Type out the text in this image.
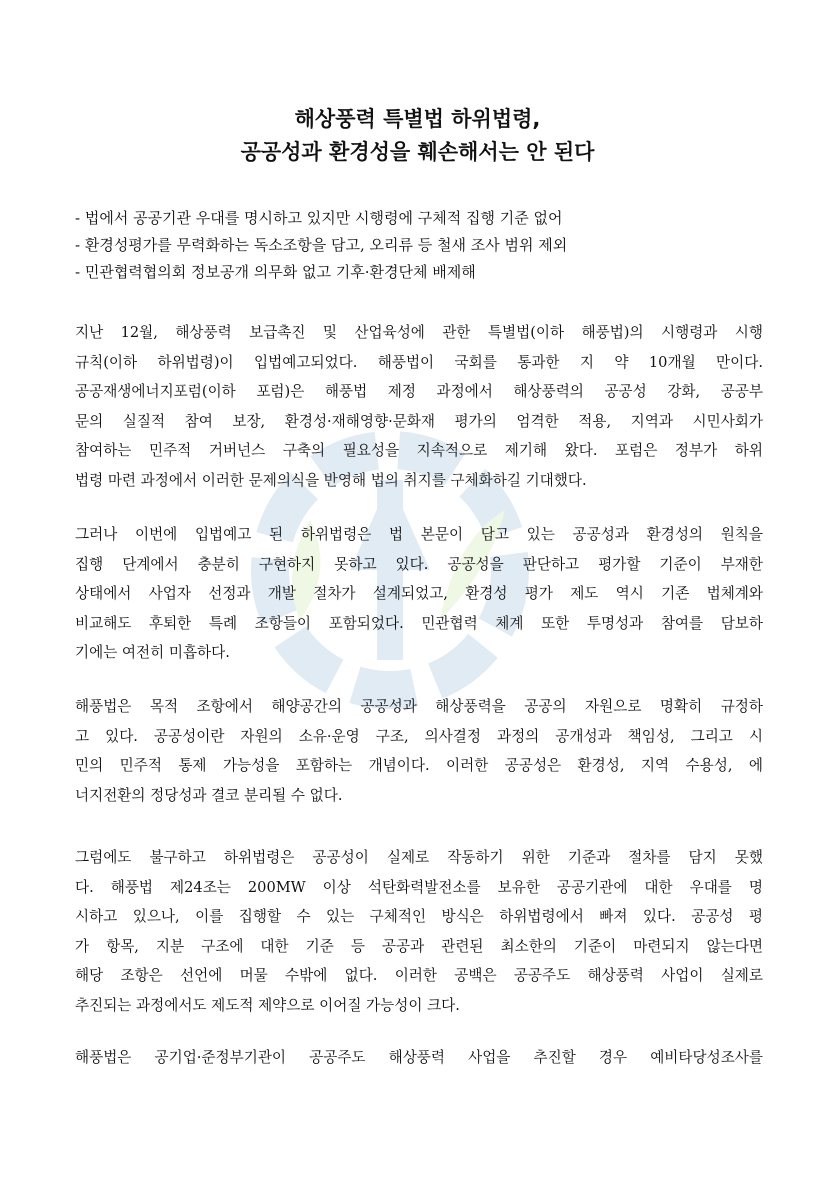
해상풍력 특별법 하위법령,
공공성과 환경성을 훼손해서는 안 된다
- 법에서 공공기관 우대를 명시하고 있지만 시행령에 구체적 집행 기준 없어
- 환경성평가를 무력화하는 독소조항을 담고, 오리류 등 철새 조사 범위 제외
- 민관협력협의회 정보공개 의무화 없고 기후·환경단체 배제해
지난 12월, 해상풍력 보급촉진 및 산업육성에 관한 특별법(이하 해풍법)의 시행령과 시행
규칙(이하 하위법령)이 입법예고되었다. 해풍법이 국회를 통과한 지 약 10개월 만이다.
공공재생에너지포럼(이하 포럼)은 해풍법 제정 과정에서 해상풍력의 공공성 강화, 공공부
문의 실질적 참여 보장, 환경성·재해영향·문화재 평가의 엄격한 적용, 지역과 시민사회가
참여하는 민주적 거버넌스 구축의 필요성을 지속적으로 제기해 왔다. 포럼은 정부가 하위
법령 마련 과정에서 이러한 문제의식을 반영해 법의 취지를 구체화하길 기대했다.
그러나 이번에 입법예고 된 하위법령은 법 본문이 담고 있는 공공성과 환경성의 원칙을
집행 단계에서 충분히 구현하지 못하고 있다. 공공성을 판단하고 평가할 기준이 부재한
상태에서 사업자 선정과 개발 절차가 설계되었고, 환경성 평가 제도 역시 기존 법체계와
비교해도 후퇴한 특례 조항들이 포함되었다. 민관협력 체계 또한 투명성과 참여를 담보하
기에는 여전히 미흡하다.
해풍법은 목적 조항에서 해양공간의 공공성과 해상풍력을 공공의 자원으로 명확히 규정하
고 있다. 공공성이란 자원의 소유·운영 구조, 의사결정 과정의 공개성과 책임성, 그리고 시
민의 민주적 통제 가능성을 포함하는 개념이다. 이러한 공공성은 환경성, 지역 수용성, 에
너지전환의 정당성과 결코 분리될 수 없다.
그럼에도 불구하고 하위법령은 공공성이 실제로 작동하기 위한 기준과 절차를 담지 못했
다. 해풍법 제24조는 200MW 이상 석탄화력발전소를 보유한 공공기관에 대한 우대를 명
시하고 있으나, 이를 집행할 수 있는 구체적인 방식은 하위법령에서 빠져 있다. 공공성 평
가 항목, 지분 구조에 대한 기준 등 공공과 관련된 최소한의 기준이 마련되지 않는다면
해당 조항은 선언에 머물 수밖에 없다. 이러한 공백은 공공주도 해상풍력 사업이 실제로
추진되는 과정에서도 제도적 제약으로 이어질 가능성이 크다.
해풍법은 공기업·준정부기관이 공공주도 해상풍력 사업을 추진할 경우 예비타당성조사를
